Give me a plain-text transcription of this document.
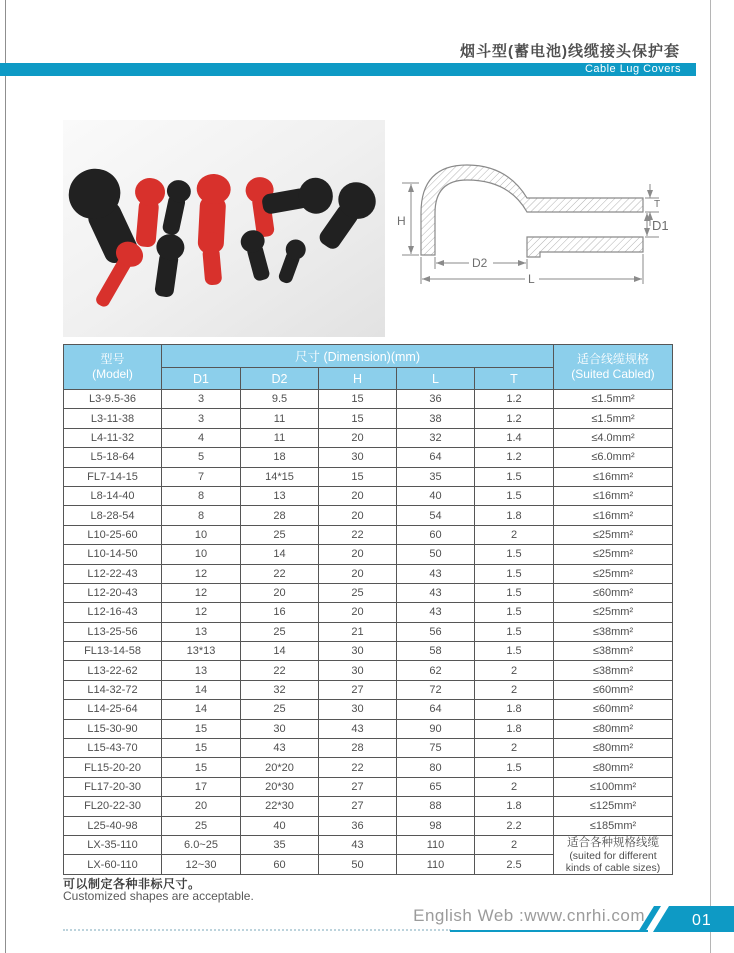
烟斗型(蓄电池)线缆接头保护套
Cable Lug Covers
H
T
D1
D2
L
型号
(Model)
	尺寸 (Dimension)(mm)	适合线缆规格
(Suited Cabled)

	D1	D2	H	L	T	
L3-9.5-36	3	9.5	15	36	1.2	≤1.5mm²
L3-11-38	3	11	15	38	1.2	≤1.5mm²
L4-11-32	4	11	20	32	1.4	≤4.0mm²
L5-18-64	5	18	30	64	1.2	≤6.0mm²
FL7-14-15	7	14*15	15	35	1.5	≤16mm²
L8-14-40	8	13	20	40	1.5	≤16mm²
L8-28-54	8	28	20	54	1.8	≤16mm²
L10-25-60	10	25	22	60	2	≤25mm²
L10-14-50	10	14	20	50	1.5	≤25mm²
L12-22-43	12	22	20	43	1.5	≤25mm²
L12-20-43	12	20	25	43	1.5	≤60mm²
L12-16-43	12	16	20	43	1.5	≤25mm²
L13-25-56	13	25	21	56	1.5	≤38mm²
FL13-14-58	13*13	14	30	58	1.5	≤38mm²
L13-22-62	13	22	30	62	2	≤38mm²
L14-32-72	14	32	27	72	2	≤60mm²
L14-25-64	14	25	30	64	1.8	≤60mm²
L15-30-90	15	30	43	90	1.8	≤80mm²
L15-43-70	15	43	28	75	2	≤80mm²
FL15-20-20	15	20*20	22	80	1.5	≤80mm²
FL17-20-30	17	20*30	27	65	2	≤100mm²
FL20-22-30	20	22*30	27	88	1.8	≤125mm²
L25-40-98	25	40	36	98	2.2	≤185mm²
LX-35-110	6.0~25	35	43	110	2	适合各种规格线缆
(suited for different
kinds of cable sizes)

LX-60-110	12~30	60	50	110	2.5	
可以制定各种非标尺寸。
Customized shapes are acceptable.
English Web :www.cnrhi.com	01
